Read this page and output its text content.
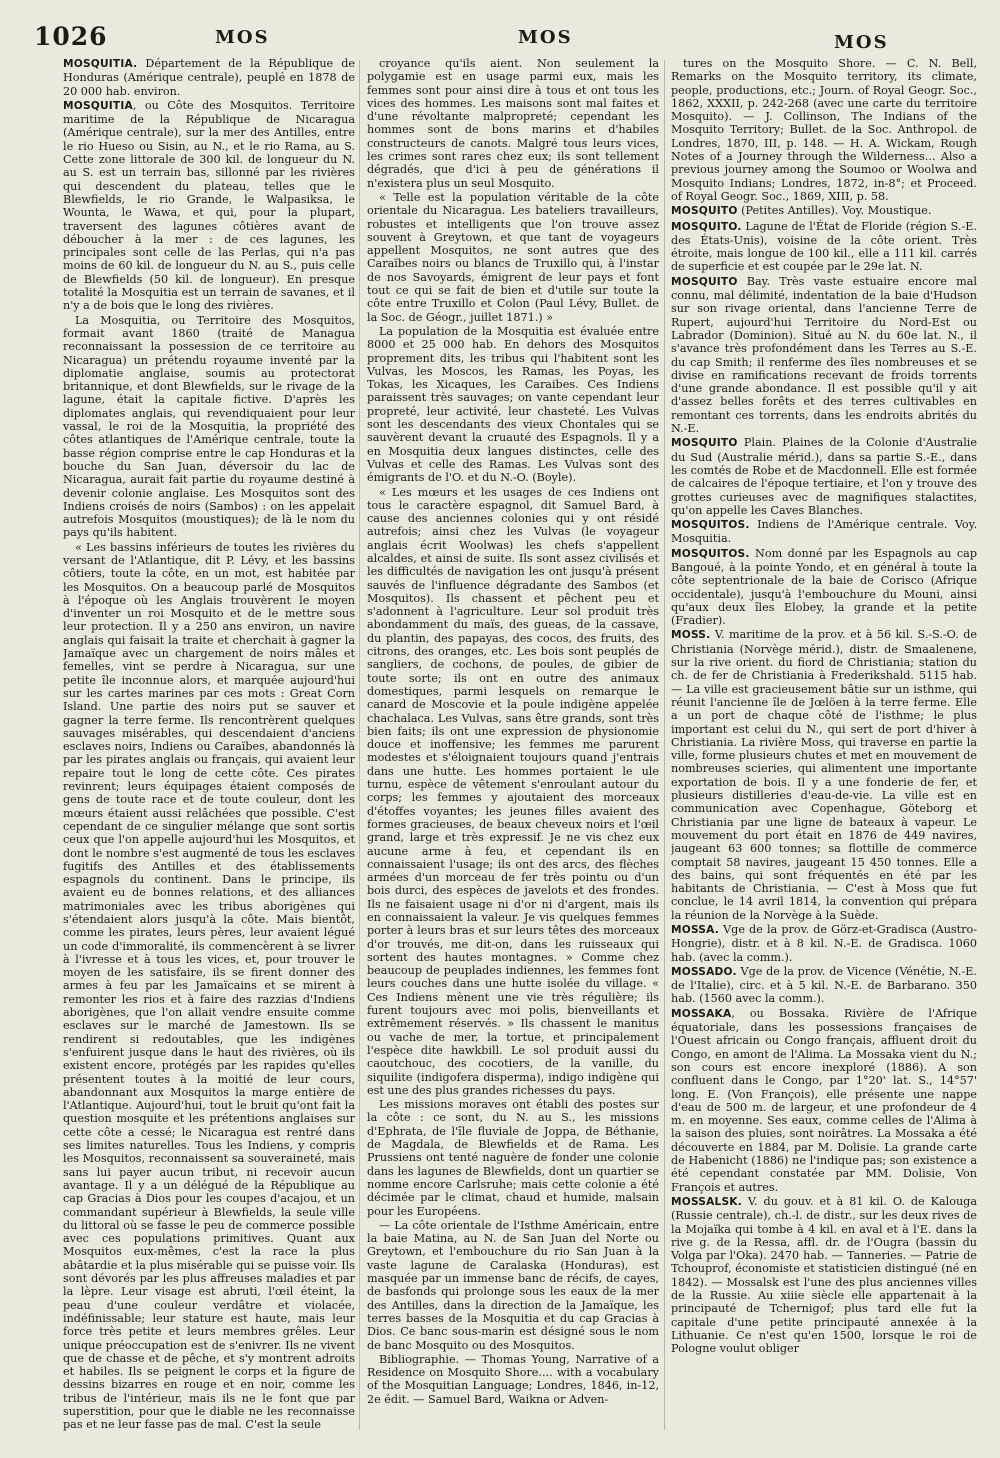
1026	MOS	MOS	MOS

MOSQUITIA. Département de la République de Honduras (Amérique centrale), peuplé en 1878 de 20 000 hab. environ.

MOSQUITIA, ou Côte des Mosquitos. Territoire maritime de la République de Nicaragua (Amérique centrale), sur la mer des Antilles, entre le rio Hueso ou Sisin, au N., et le rio Rama, au S. Cette zone littorale de 300 kil. de longueur du N. au S. est un terrain bas, sillonné par les rivières qui descendent du plateau, telles que le Blewfields, le rio Grande, le Walpasiksa, le Wounta, le Wawa, et qui, pour la plupart, traversent des lagunes côtières avant de déboucher à la mer : de ces lagunes, les principales sont celle de las Perlas, qui n'a pas moins de 60 kil. de longueur du N. au S., puis celle de Blewfields (50 kil. de longueur). En presque totalité la Mosquitia est un terrain de savanes, et il n'y a de bois que le long des rivières.

La Mosquitia, ou Territoire des Mosquitos, formait avant 1860 (traité de Managua reconnaissant la possession de ce territoire au Nicaragua) un prétendu royaume inventé par la diplomatie anglaise, soumis au protectorat britannique, et dont Blewfields, sur le rivage de la lagune, était la capitale fictive. D'après les diplomates anglais, qui revendiquaient pour leur vassal, le roi de la Mosquitia, la propriété des côtes atlantiques de l'Amérique centrale, toute la basse région comprise entre le cap Honduras et la bouche du San Juan, déversoir du lac de Nicaragua, aurait fait partie du royaume destiné à devenir colonie anglaise. Les Mosquitos sont des Indiens croisés de noirs (Sambos) : on les appelait autrefois Mosquitos (moustiques); de là le nom du pays qu'ils habitent.

« Les bassins inférieurs de toutes les rivières du versant de l'Atlantique, dit P. Lévy, et les bassins côtiers, toute la côte, en un mot, est habitée par les Mosquitos. On a beaucoup parlé de Mosquitos à l'époque où les Anglais trouvèrent le moyen d'inventer un roi Mosquito et de le mettre sous leur protection. Il y a 250 ans environ, un navire anglais qui faisait la traite et cherchait à gagner la Jamaïque avec un chargement de noirs mâles et femelles, vint se perdre à Nicaragua, sur une petite île inconnue alors, et marquée aujourd'hui sur les cartes marines par ces mots : Great Corn Island. Une partie des noirs put se sauver et gagner la terre ferme. Ils rencontrèrent quelques sauvages misérables, qui descendaient d'anciens esclaves noirs, Indiens ou Caraïbes, abandonnés là par les pirates anglais ou français, qui avaient leur repaire tout le long de cette côte. Ces pirates revinrent; leurs équipages étaient composés de gens de toute race et de toute couleur, dont les mœurs étaient aussi relâchées que possible. C'est cependant de ce singulier mélange que sont sortis ceux que l'on appelle aujourd'hui les Mosquitos, et dont le nombre s'est augmenté de tous les esclaves fugitifs des Antilles et des établissements espagnols du continent. Dans le principe, ils avaient eu de bonnes relations, et des alliances matrimoniales avec les tribus aborigènes qui s'étendaient alors jusqu'à la côte. Mais bientôt, comme les pirates, leurs pères, leur avaient légué un code d'immoralité, ils commencèrent à se livrer à l'ivresse et à tous les vices, et, pour trouver le moyen de les satisfaire, ils se firent donner des armes à feu par les Jamaïcains et se mirent à remonter les rios et à faire des razzias d'Indiens aborigènes, que l'on allait vendre ensuite comme esclaves sur le marché de Jamestown. Ils se rendirent si redoutables, que les indigènes s'enfuirent jusque dans le haut des rivières, où ils existent encore, protégés par les rapides qu'elles présentent toutes à la moitié de leur cours, abandonnant aux Mosquitos la marge entière de l'Atlantique. Aujourd'hui, tout le bruit qu'ont fait la question mosquite et les prétentions anglaises sur cette côte a cessé; le Nicaragua est rentré dans ses limites naturelles. Tous les Indiens, y compris les Mosquitos, reconnaissent sa souveraineté, mais sans lui payer aucun tribut, ni recevoir aucun avantage. Il y a un délégué de la République au cap Gracias à Dios pour les coupes d'acajou, et un commandant supérieur à Blewfields, la seule ville du littoral où se fasse le peu de commerce possible avec ces populations primitives. Quant aux Mosquitos eux-mêmes, c'est la race la plus abâtardie et la plus misérable qui se puisse voir. Ils sont dévorés par les plus affreuses maladies et par la lèpre. Leur visage est abruti, l'œil éteint, la peau d'une couleur verdâtre et violacée, indéfinissable; leur stature est haute, mais leur force très petite et leurs membres grêles. Leur unique préoccupation est de s'enivrer. Ils ne vivent que de chasse et de pêche, et s'y montrent adroits et habiles. Ils se peignent le corps et la figure de dessins bizarres en rouge et en noir, comme les tribus de l'intérieur, mais ils ne le font que par superstition, pour que le diable ne les reconnaisse pas et ne leur fasse pas de mal. C'est la seule

croyance qu'ils aient. Non seulement la polygamie est en usage parmi eux, mais les femmes sont pour ainsi dire à tous et ont tous les vices des hommes. Les maisons sont mal faites et d'une révoltante malpropreté; cependant les hommes sont de bons marins et d'habiles constructeurs de canots. Malgré tous leurs vices, les crimes sont rares chez eux; ils sont tellement dégradés, que d'ici à peu de générations il n'existera plus un seul Mosquito.

« Telle est la population véritable de la côte orientale du Nicaragua. Les bateliers travailleurs, robustes et intelligents que l'on trouve assez souvent à Greytown, et que tant de voyageurs appellent Mosquitos, ne sont autres que des Caraïbes noirs ou blancs de Truxillo qui, à l'instar de nos Savoyards, émigrent de leur pays et font tout ce qui se fait de bien et d'utile sur toute la côte entre Truxillo et Colon (Paul Lévy, Bullet. de la Soc. de Géogr., juillet 1871.) »

La population de la Mosquitia est évaluée entre 8000 et 25 000 hab. En dehors des Mosquitos proprement dits, les tribus qui l'habitent sont les Vulvas, les Moscos, les Ramas, les Poyas, les Tokas, les Xicaques, les Caraibes. Ces Indiens paraissent très sauvages; on vante cependant leur propreté, leur activité, leur chasteté. Les Vulvas sont les descendants des vieux Chontales qui se sauvèrent devant la cruauté des Espagnols. Il y a en Mosquitia deux langues distinctes, celle des Vulvas et celle des Ramas. Les Vulvas sont des émigrants de l'O. et du N.-O. (Boyle).

« Les mœurs et les usages de ces Indiens ont tous le caractère espagnol, dit Samuel Bard, à cause des anciennes colonies qui y ont résidé autrefois; ainsi chez les Vulvas (le voyageur anglais écrit Woolwas) les chefs s'appellent alcaldes, et ainsi de suite. Ils sont assez civilisés et les difficultés de navigation les ont jusqu'à présent sauvés de l'influence dégradante des Sambos (et Mosquitos). Ils chassent et pêchent peu et s'adonnent à l'agriculture. Leur sol produit très abondamment du maïs, des gueas, de la cassave, du plantin, des papayas, des cocos, des fruits, des citrons, des oranges, etc. Les bois sont peuplés de sangliers, de cochons, de poules, de gibier de toute sorte; ils ont en outre des animaux domestiques, parmi lesquels on remarque le canard de Moscovie et la poule indigène appelée chachalaca. Les Vulvas, sans être grands, sont très bien faits; ils ont une expression de physionomie douce et inoffensive; les femmes me parurent modestes et s'éloignaient toujours quand j'entrais dans une hutte. Les hommes portaient le ule turnu, espèce de vêtement s'enroulant autour du corps; les femmes y ajoutaient des morceaux d'étoffes voyantes; les jeunes filles avaient des formes gracieuses, de beaux cheveux noirs et l'œil grand, large et très expressif. Je ne vis chez eux aucune arme à feu, et cependant ils en connaissaient l'usage; ils ont des arcs, des flèches armées d'un morceau de fer très pointu ou d'un bois durci, des espèces de javelots et des frondes. Ils ne faisaient usage ni d'or ni d'argent, mais ils en connaissaient la valeur. Je vis quelques femmes porter à leurs bras et sur leurs têtes des morceaux d'or trouvés, me dit-on, dans les ruisseaux qui sortent des hautes montagnes. » Comme chez beaucoup de peuplades indiennes, les femmes font leurs couches dans une hutte isolée du village. « Ces Indiens mènent une vie très régulière; ils furent toujours avec moi polis, bienveillants et extrêmement réservés. » Ils chassent le manitus ou vache de mer, la tortue, et principalement l'espèce dite hawkbill. Le sol produit aussi du caoutchouc, des cocotiers, de la vanille, du siquilite (indigofera disperma), indigo indigène qui est une des plus grandes richesses du pays.

Les missions moraves ont établi des postes sur la côte : ce sont, du N. au S., les missions d'Ephrata, de l'île fluviale de Joppa, de Béthanie, de Magdala, de Blewfields et de Rama. Les Prussiens ont tenté naguère de fonder une colonie dans les lagunes de Blewfields, dont un quartier se nomme encore Carlsruhe; mais cette colonie a été décimée par le climat, chaud et humide, malsain pour les Européens.

— La côte orientale de l'Isthme Américain, entre la baie Matina, au N. de San Juan del Norte ou Greytown, et l'embouchure du rio San Juan à la vaste lagune de Caralaska (Honduras), est masquée par un immense banc de récifs, de cayes, de basfonds qui prolonge sous les eaux de la mer des Antilles, dans la direction de la Jamaïque, les terres basses de la Mosquitia et du cap Gracias à Dios. Ce banc sous-marin est désigné sous le nom de banc Mosquito ou des Mosquitos.

Bibliographie. — Thomas Young, Narrative of a Residence on Mosquito Shore.... with a vocabulary of the Mosquitian Language; Londres, 1846, in-12, 2e édit. — Samuel Bard, Waikna or Adven-

tures on the Mosquito Shore. — C. N. Bell, Remarks on the Mosquito territory, its climate, people, productions, etc.; Journ. of Royal Geogr. Soc., 1862, XXXII, p. 242-268 (avec une carte du territoire Mosquito). — J. Collinson, The Indians of the Mosquito Territory; Bullet. de la Soc. Anthropol. de Londres, 1870, III, p. 148. — H. A. Wickam, Rough Notes of a Journey through the Wilderness... Also a previous journey among the Soumoo or Woolwa and Mosquito Indians; Londres, 1872, in-8°; et Proceed. of Royal Geogr. Soc., 1869, XIII, p. 58.

MOSQUITO (Petites Antilles). Voy. Moustique.

MOSQUITO. Lagune de l'État de Floride (région S.-E. des États-Unis), voisine de la côte orient. Très étroite, mais longue de 100 kil., elle a 111 kil. carrés de superficie et est coupée par le 29e lat. N.

MOSQUITO Bay. Très vaste estuaire encore mal connu, mal délimité, indentation de la baie d'Hudson sur son rivage oriental, dans l'ancienne Terre de Rupert, aujourd'hui Territoire du Nord-Est ou Labrador (Dominion). Situé au N. du 60e lat. N., il s'avance très profondément dans les Terres au S.-E. du cap Smith; il renferme des îles nombreuses et se divise en ramifications recevant de froids torrents d'une grande abondance. Il est possible qu'il y ait d'assez belles forêts et des terres cultivables en remontant ces torrents, dans les endroits abrités du N.-E.

MOSQUITO Plain. Plaines de la Colonie d'Australie du Sud (Australie mérid.), dans sa partie S.-E., dans les comtés de Robe et de Macdonnell. Elle est formée de calcaires de l'époque tertiaire, et l'on y trouve des grottes curieuses avec de magnifiques stalactites, qu'on appelle les Caves Blanches.

MOSQUITOS. Indiens de l'Amérique centrale. Voy. Mosquitia.

MOSQUITOS. Nom donné par les Espagnols au cap Bangoué, à la pointe Yondo, et en général à toute la côte septentrionale de la baie de Corisco (Afrique occidentale), jusqu'à l'embouchure du Mouni, ainsi qu'aux deux îles Elobey, la grande et la petite (Fradier).

MOSS. V. maritime de la prov. et à 56 kil. S.-S.-O. de Christiania (Norvège mérid.), distr. de Smaalenene, sur la rive orient. du fiord de Christiania; station du ch. de fer de Christiania à Frederikshald. 5115 hab. — La ville est gracieusement bâtie sur un isthme, qui réunit l'ancienne île de Jœlöen à la terre ferme. Elle a un port de chaque côté de l'isthme; le plus important est celui du N., qui sert de port d'hiver à Christiania. La rivière Moss, qui traverse en partie la ville, forme plusieurs chutes et met en mouvement de nombreuses scieries, qui alimentent une importante exportation de bois. Il y a une fonderie de fer, et plusieurs distilleries d'eau-de-vie. La ville est en communication avec Copenhague, Göteborg et Christiania par une ligne de bateaux à vapeur. Le mouvement du port était en 1876 de 449 navires, jaugeant 63 600 tonnes; sa flottille de commerce comptait 58 navires, jaugeant 15 450 tonnes. Elle a des bains, qui sont fréquentés en été par les habitants de Christiania. — C'est à Moss que fut conclue, le 14 avril 1814, la convention qui prépara la réunion de la Norvège à la Suède.

MOSSA. Vge de la prov. de Görz-et-Gradisca (Austro-Hongrie), distr. et à 8 kil. N.-E. de Gradisca. 1060 hab. (avec la comm.).

MOSSADO. Vge de la prov. de Vicence (Vénétie, N.-E. de l'Italie), circ. et à 5 kil. N.-E. de Barbarano. 350 hab. (1560 avec la comm.).

MOSSAKA, ou Bossaka. Rivière de l'Afrique équatoriale, dans les possessions françaises de l'Ouest africain ou Congo français, affluent droit du Congo, en amont de l'Alima. La Mossaka vient du N.; son cours est encore inexploré (1886). A son confluent dans le Congo, par 1°20' lat. S., 14°57' long. E. (Von François), elle présente une nappe d'eau de 500 m. de largeur, et une profondeur de 4 m. en moyenne. Ses eaux, comme celles de l'Alima à la saison des pluies, sont noirâtres. La Mossaka a été découverte en 1884, par M. Dolisie. La grande carte de Habenicht (1886) ne l'indique pas; son existence a été cependant constatée par MM. Dolisie, Von François et autres.

MOSSALSK. V. du gouv. et à 81 kil. O. de Kalouga (Russie centrale), ch.-l. de distr., sur les deux rives de la Mojaïka qui tombe à 4 kil. en aval et à l'E. dans la rive g. de la Ressa, affl. dr. de l'Ougra (bassin du Volga par l'Oka). 2470 hab. — Tanneries. — Patrie de Tchouprof, économiste et statisticien distingué (né en 1842). — Mossalsk est l'une des plus anciennes villes de la Russie. Au xiiie siècle elle appartenait à la principauté de Tchernigof; plus tard elle fut la capitale d'une petite principauté annexée à la Lithuanie. Ce n'est qu'en 1500, lorsque le roi de Pologne voulut obliger
